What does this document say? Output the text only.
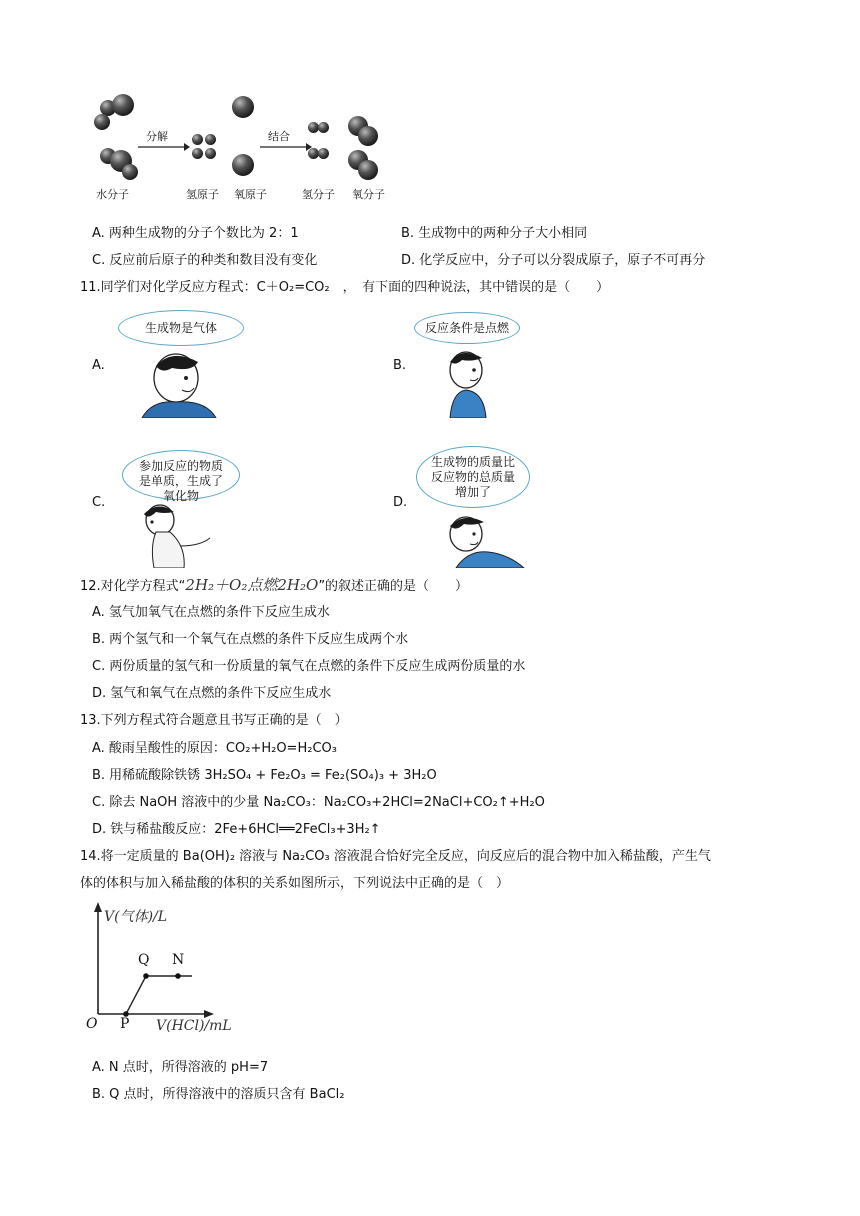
分解	结合
水分子	氢原子 氧原子	氢分子 氧分子
A. 两种生成物的分子个数比为 2：1	B. 生成物中的两种分子大小相同
C. 反应前后原子的种类和数目没有变化	D. 化学反应中，分子可以分裂成原子，原子不可再分
11.同学们对化学反应方程式：C＋O₂=CO₂　，　有下面的四种说法，其中错误的是（　　）
A.
生成物是气体
B.
反应条件是点燃
C.
参加反应的物质是单质，生成了氧化物	D.
生成物的质量比反应物的总质量增加了
12.对化学方程式“2H₂＋O₂点燃2H₂O”的叙述正确的是（　　）
A. 氢气加氧气在点燃的条件下反应生成水
B. 两个氢气和一个氧气在点燃的条件下反应生成两个水
C. 两份质量的氢气和一份质量的氧气在点燃的条件下反应生成两份质量的水
D. 氢气和氧气在点燃的条件下反应生成水
13.下列方程式符合题意且书写正确的是（　）
A. 酸雨呈酸性的原因：CO₂+H₂O=H₂CO₃
B. 用稀硫酸除铁锈 3H₂SO₄ + Fe₂O₃ = Fe₂(SO₄)₃ + 3H₂O
C. 除去 NaOH 溶液中的少量 Na₂CO₃：Na₂CO₃+2HCl=2NaCl+CO₂↑+H₂O
D. 铁与稀盐酸反应：2Fe+6HCl══2FeCl₃+3H₂↑
14.将一定质量的 Ba(OH)₂ 溶液与 Na₂CO₃ 溶液混合恰好完全反应，向反应后的混合物中加入稀盐酸，产生气
体的体积与加入稀盐酸的体积的关系如图所示，下列说法中正确的是（　）
V(气体)/L
V(HCl)/mL
O P
Q N
A. N 点时，所得溶液的 pH=7
B. Q 点时，所得溶液中的溶质只含有 BaCl₂
